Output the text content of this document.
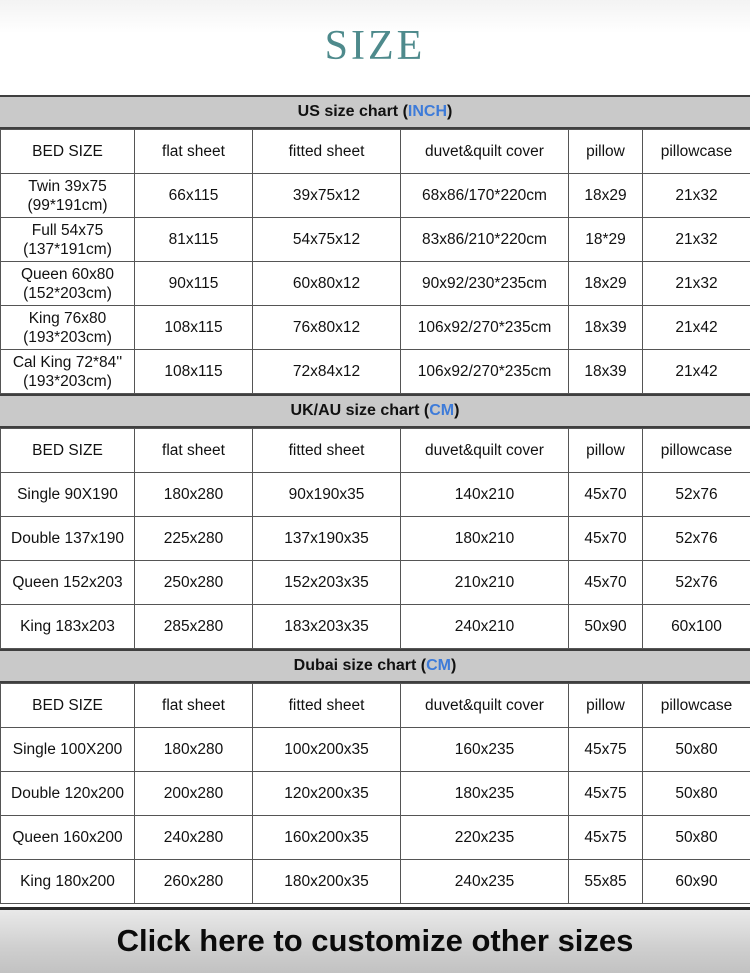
SIZE
US size chart (INCH)
BED SIZE	flat sheet	fitted sheet	duvet&quilt cover	pillow	pillowcase

Twin 39x75
(99*191cm)	66x115	39x75x12	68x86/170*220cm	18x29	21x32

Full 54x75
(137*191cm)	81x115	54x75x12	83x86/210*220cm	18*29	21x32

Queen 60x80
(152*203cm)	90x115	60x80x12	90x92/230*235cm	18x29	21x32

King 76x80
(193*203cm)	108x115	76x80x12	106x92/270*235cm	18x39	21x42

Cal King 72*84''
(193*203cm)	108x115	72x84x12	106x92/270*235cm	18x39	21x42
UK/AU size chart (CM)
BED SIZE	flat sheet	fitted sheet	duvet&quilt cover	pillow	pillowcase

Single 90X190	180x280	90x190x35	140x210	45x70	52x76

Double 137x190	225x280	137x190x35	180x210	45x70	52x76

Queen 152x203	250x280	152x203x35	210x210	45x70	52x76

King 183x203	285x280	183x203x35	240x210	50x90	60x100
Dubai size chart (CM)
BED SIZE	flat sheet	fitted sheet	duvet&quilt cover	pillow	pillowcase

Single 100X200	180x280	100x200x35	160x235	45x75	50x80

Double 120x200	200x280	120x200x35	180x235	45x75	50x80

Queen 160x200	240x280	160x200x35	220x235	45x75	50x80

King 180x200	260x280	180x200x35	240x235	55x85	60x90
Click here to customize other sizes
